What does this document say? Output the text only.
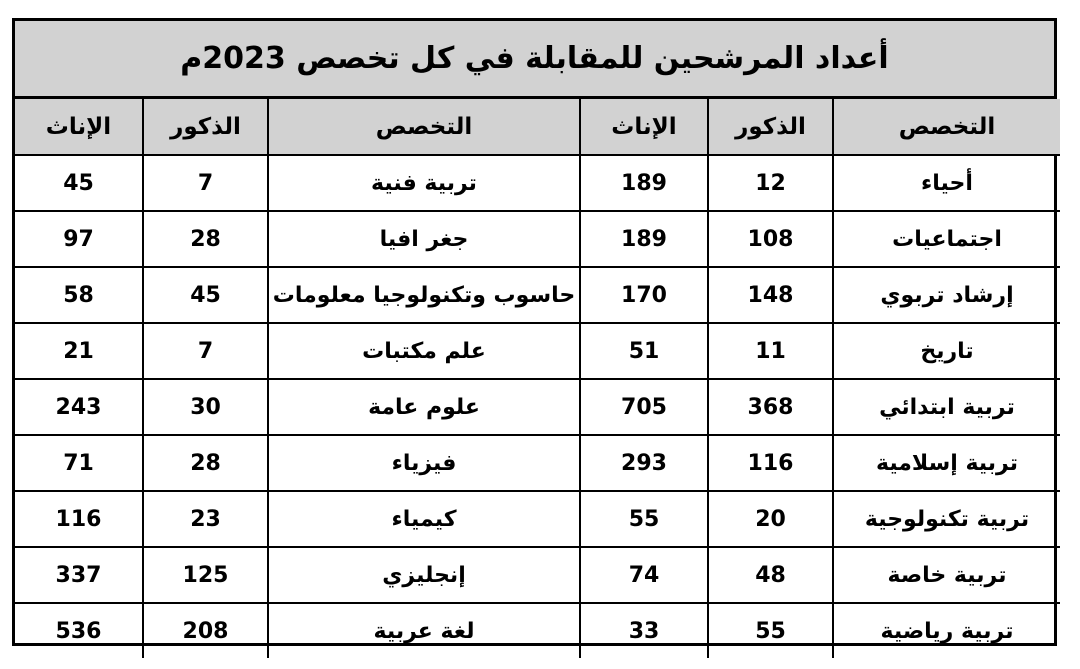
أعداد المرشحين للمقابلة في كل تخصص 2023م
التخصص	الذكور	الإناث	التخصص	الذكور	الإناث
أحياء	12	189	تربية فنية	7	45
اجتماعيات	108	189	جغر افيا	28	97
إرشاد تربوي	148	170	حاسوب وتكنولوجيا معلومات	45	58
تاريخ	11	51	علم مكتبات	7	21
تربية ابتدائي	368	705	علوم عامة	30	243
تربية إسلامية	116	293	فيزياء	28	71
تربية تكنولوجية	20	55	كيمياء	23	116
تربية خاصة	48	74	إنجليزي	125	337
تربية رياضية	55	33	لغة عربية	208	536
